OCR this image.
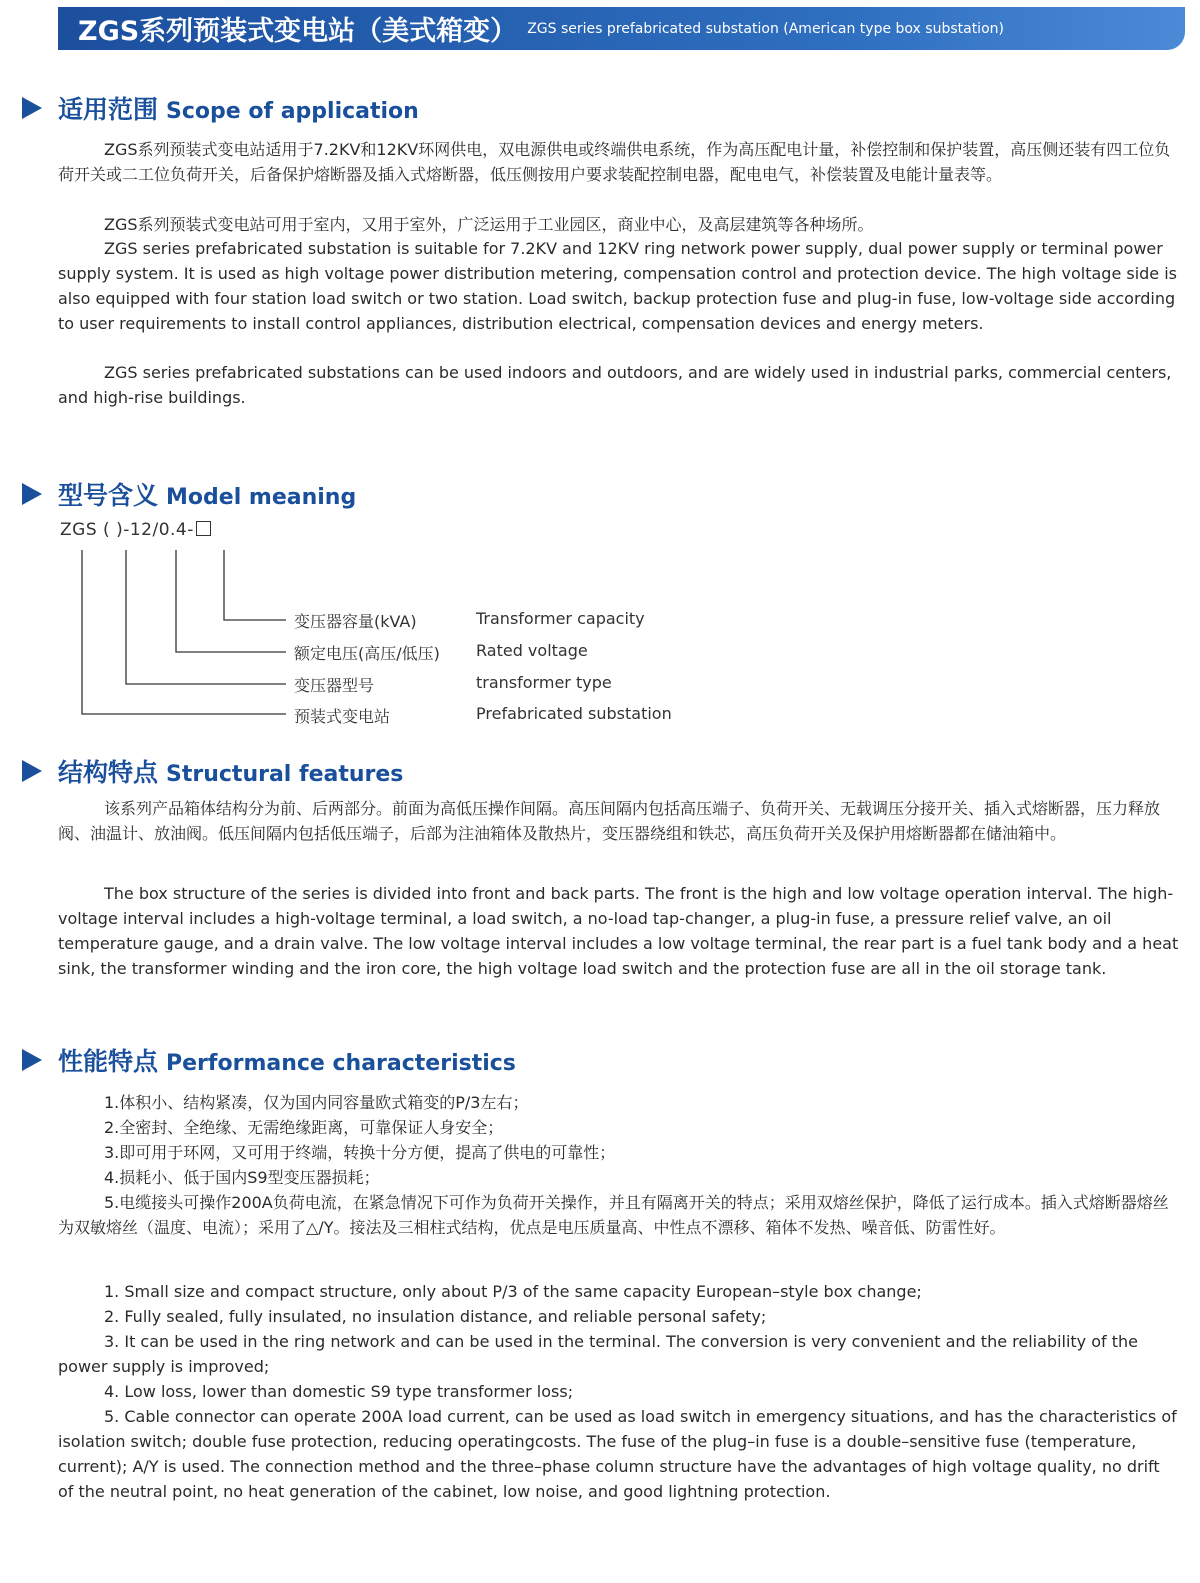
ZGS系列预装式变电站（美式箱变） ZGS series prefabricated substation (American type box substation)
适用范围 Scope of application

ZGS系列预装式变电站适用于7.2KV和12KV环网供电，双电源供电或终端供电系统，作为高压配电计量，补偿控制和保护装置，高压侧还装有四工位负荷开关或二工位负荷开关，后备保护熔断器及插入式熔断器，低压侧按用户要求装配控制电器，配电电气，补偿装置及电能计量表等。

ZGS系列预装式变电站可用于室内，又用于室外，广泛运用于工业园区，商业中心，及高层建筑等各种场所。

ZGS series prefabricated substation is suitable for 7.2KV and 12KV ring network power supply, dual power supply or terminal power supply system. It is used as high voltage power distribution metering, compensation control and protection device. The high voltage side is also equipped with four station load switch or two station. Load switch, backup protection fuse and plug-in fuse, low-voltage side according to user requirements to install control appliances, distribution electrical, compensation devices and energy meters.

ZGS series prefabricated substations can be used indoors and outdoors, and are widely used in industrial parks, commercial centers, and high-rise buildings.

型号含义 Model meaning
ZGS ( )-12/0.4-
变压器容量(kVA)	Transformer capacity
额定电压(高压/低压)	Rated voltage
变压器型号	transformer type
预装式变电站	Prefabricated substation
结构特点 Structural features

该系列产品箱体结构分为前、后两部分。前面为高低压操作间隔。高压间隔内包括高压端子、负荷开关、无载调压分接开关、插入式熔断器，压力释放阀、油温计、放油阀。低压间隔内包括低压端子，后部为注油箱体及散热片，变压器绕组和铁芯，高压负荷开关及保护用熔断器都在储油箱中。

The box structure of the series is divided into front and back parts. The front is the high and low voltage operation interval. The high-voltage interval includes a high-voltage terminal, a load switch, a no-load tap-changer, a plug-in fuse, a pressure relief valve, an oil temperature gauge, and a drain valve. The low voltage interval includes a low voltage terminal, the rear part is a fuel tank body and a heat sink, the transformer winding and the iron core, the high voltage load switch and the protection fuse are all in the oil storage tank.

性能特点 Performance characteristics
1.体积小、结构紧凑，仅为国内同容量欧式箱变的P/3左右；
2.全密封、全绝缘、无需绝缘距离，可靠保证人身安全；
3.即可用于环网，又可用于终端，转换十分方便，提高了供电的可靠性；
4.损耗小、低于国内S9型变压器损耗；
5.电缆接头可操作200A负荷电流，在紧急情况下可作为负荷开关操作，并且有隔离开关的特点；采用双熔丝保护，降低了运行成本。插入式熔断器熔丝为双敏熔丝（温度、电流）；采用了△/Y。接法及三相柱式结构，优点是电压质量高、中性点不漂移、箱体不发热、噪音低、防雷性好。
1. Small size and compact structure, only about P/3 of the same capacity European–style box change;
2. Fully sealed, fully insulated, no insulation distance, and reliable personal safety;
3. It can be used in the ring network and can be used in the terminal. The conversion is very convenient and the reliability of the power supply is improved;
4. Low loss, lower than domestic S9 type transformer loss;
5. Cable connector can operate 200A load current, can be used as load switch in emergency situations, and has the characteristics of isolation switch; double fuse protection, reducing operatingcosts. The fuse of the plug–in fuse is a double–sensitive fuse (temperature, current); A/Y is used. The connection method and the three–phase column structure have the advantages of high voltage quality, no drift of the neutral point, no heat generation of the cabinet, low noise, and good lightning protection.
